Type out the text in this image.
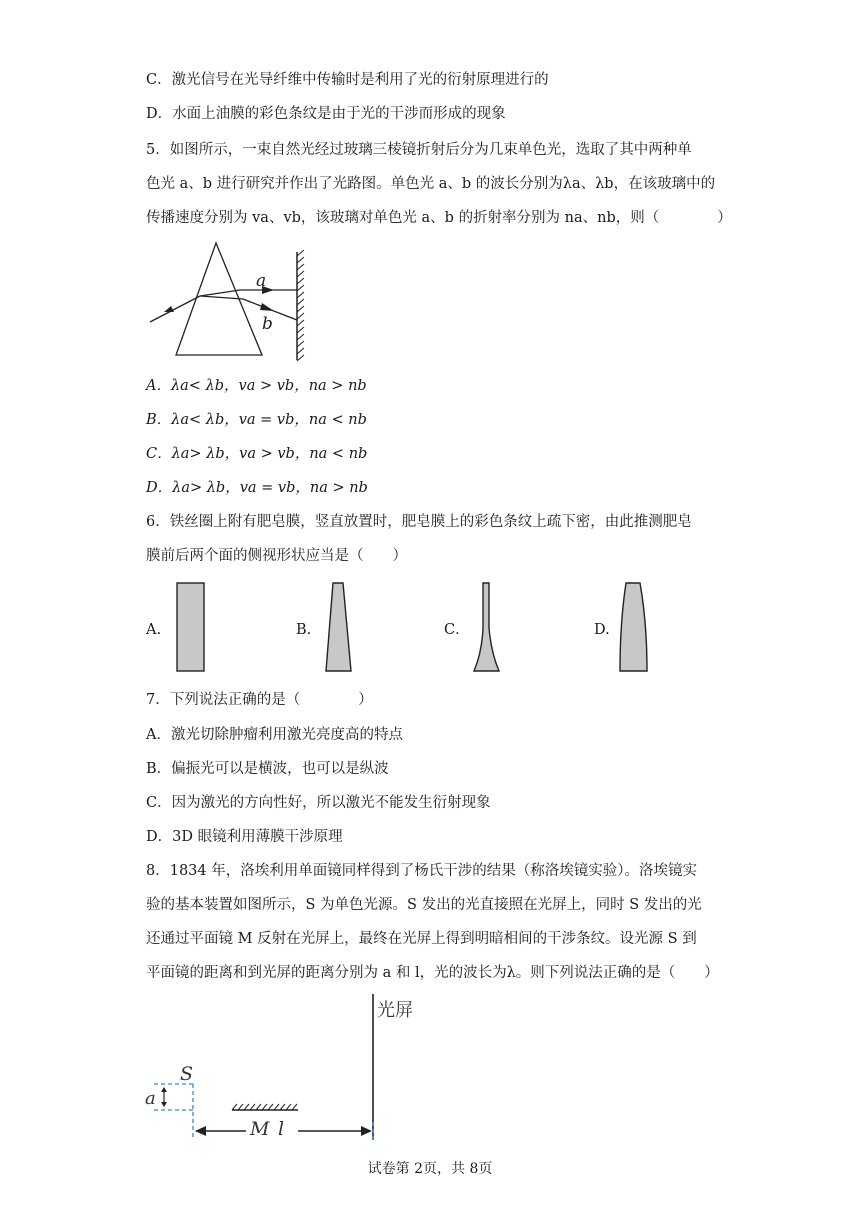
C．激光信号在光导纤维中传输时是利用了光的衍射原理进行的
D．水面上油膜的彩色条纹是由于光的干涉而形成的现象
5．如图所示，一束自然光经过玻璃三棱镜折射后分为几束单色光，选取了其中两种单
色光 a、b 进行研究并作出了光路图。单色光 a、b 的波长分别为λa、λb，在该玻璃中的
传播速度分别为 va、vb，该玻璃对单色光 a、b 的折射率分别为 na、nb，则（　　　　）
a
b
A．λa< λb，va > vb，na > nb
B．λa< λb，va = vb，na < nb
C．λa> λb，va > vb，na < nb
D．λa> λb，va = vb，na > nb
6．铁丝圈上附有肥皂膜，竖直放置时，肥皂膜上的彩色条纹上疏下密，由此推测肥皂
膜前后两个面的侧视形状应当是（　　）
A.	B.	C．	D.
7．下列说法正确的是（　　　　）
A．激光切除肿瘤利用激光亮度高的特点
B．偏振光可以是横波，也可以是纵波
C．因为激光的方向性好，所以激光不能发生衍射现象
D．3D 眼镜利用薄膜干涉原理
8．1834 年，洛埃利用单面镜同样得到了杨氏干涉的结果（称洛埃镜实验）。洛埃镜实
验的基本装置如图所示，S 为单色光源。S 发出的光直接照在光屏上，同时 S 发出的光
还通过平面镜 M 反射在光屏上，最终在光屏上得到明暗相间的干涉条纹。设光源 S 到
平面镜的距离和到光屏的距离分别为 a 和 l，光的波长为λ。则下列说法正确的是（　　）
光屏
S
a
M l
试卷第 2页，共 8页
